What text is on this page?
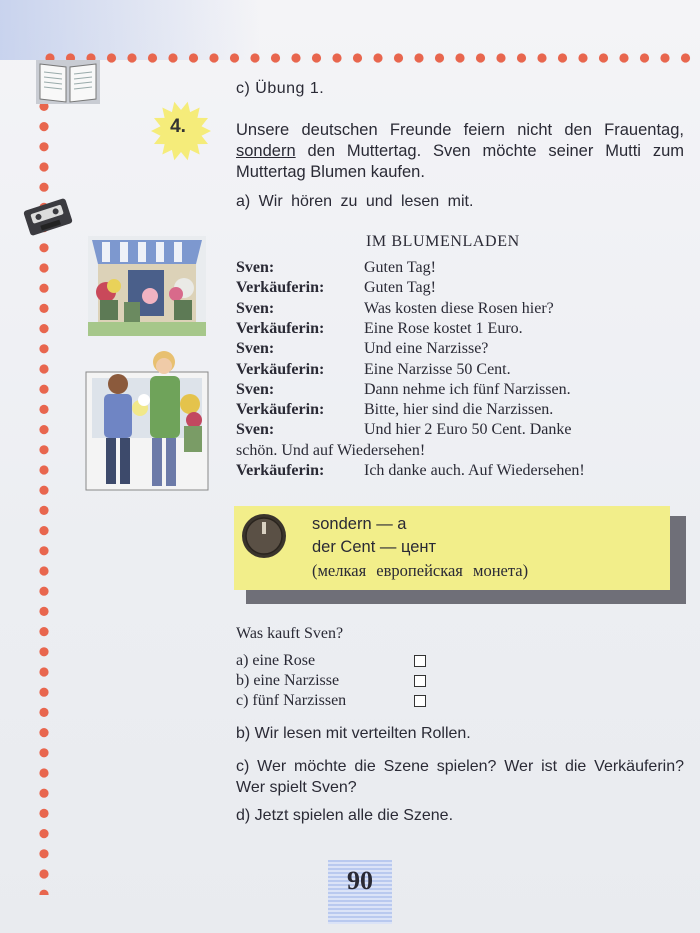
c) Übung 1.
4.	Unsere deutschen Freunde feiern nicht den Frauentag, sondern den Muttertag. Sven möchte seiner Mutti zum Muttertag Blumen kaufen.
a) Wir hören zu und lesen mit.
IM BLUMENLADEN
Sven:	Guten Tag!
Verkäuferin: Guten Tag!
Sven:	Was kosten diese Rosen hier?
Verkäuferin: Eine Rose kostet 1 Euro.
Sven:	Und eine Narzisse?
Verkäuferin: Eine Narzisse 50 Cent.
Sven:	Dann nehme ich fünf Narzissen.
Verkäuferin: Bitte, hier sind die Narzissen.
Sven:	Und hier 2 Euro 50 Cent. Danke
schön. Und auf Wiedersehen!
Verkäuferin: Ich danke auch. Auf Wiedersehen!
sondern — а
der Cent — цент
(мелкая европейская монета)
Was kauft Sven?
a) eine Rose
b) eine Narzisse
c) fünf Narzissen
b) Wir lesen mit verteilten Rollen.
c) Wer möchte die Szene spielen? Wer ist die Verkäuferin? Wer spielt Sven?
d) Jetzt spielen alle die Szene.
90
